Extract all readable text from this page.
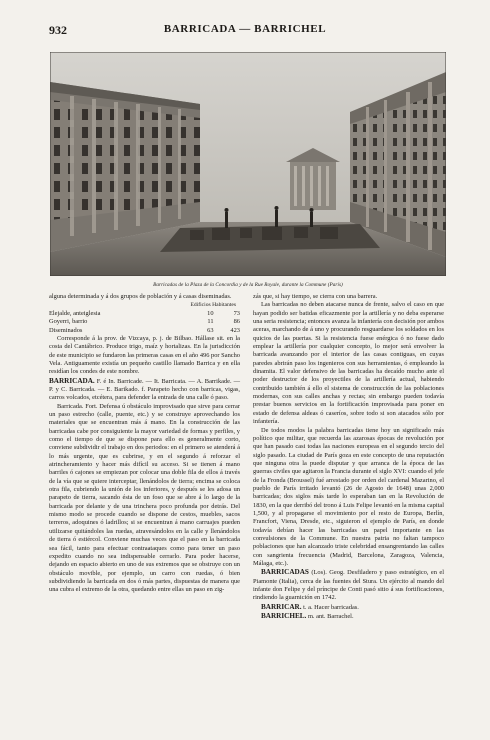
932	BARRICADA — BARRICHEL
Barricadas de la Plaza de la Concordia y de la Rue Royale, durante la Commune (París)

alguna determinada y á dos grupos de población y á casas diseminadas.

Edificios Habitantes
Elejalde, anteiglesia	10	73
Goyerri, barrio	11	86
Diseminados	63	423

Corresponde á la prov. de Vizcaya, p. j. de Bilbao. Hállase sit. en la costa del Cantábrico. Produce trigo, maíz y hortalizas. En la jurisdicción de este municipio se fundaron las primeras casas en el año 496 por Sancho Vela. Antiguamente existía un pequeño castillo llamado Barrica y en ella residían los condes de este nombre.

BARRICADA. F. é In. Barricade. — It. Barricata. — A. Barrikade. — P. y C. Barricada. — E. Barikado. f. Parapeto hecho con barricas, vigas, carros volcados, etcétera, para defender la entrada de una calle ó paso.

Barricada. Fort. Defensa ú obstáculo improvisado que sirve para cerrar un paso estrecho (calle, puente, etc.) y se construye aprovechando los materiales que se encuentran más á mano. En la construcción de las barricadas cabe por consiguiente la mayor variedad de formas y perfiles, y como el tiempo de que se dispone para ello es generalmente corto, conviene subdividir el trabajo en dos periodos: en el primero se atenderá á lo más urgente, que es cubrirse, y en el segundo á reforzar el atrincheramiento y hacer más difícil su acceso. Si se tienen á mano barriles ó cajones se empiezan por colocar una doble fila de ellos á través de la vía que se quiere interceptar, llenándolos de tierra; encima se coloca otra fila, cubriendo la unión de los inferiores, y después se les adosa un parapeto de tierra, sacando ésta de un foso que se abre á lo largo de la barricada por delante y de una trinchera poco profunda por detrás. Del mismo modo se procede cuando se dispone de cestos, muebles, sacos terreros, adoquines ó ladrillos; si se encuentran á mano carruajes pueden utilizarse quitándoles las ruedas, atravesándolos en la calle y llenándolos de tierra ó estiércol. Conviene muchas veces que el paso en la barricada sea fácil, tanto para efectuar contraataques como para tener un paso expedito cuando no sea indispensable cerrarlo. Para poder hacerse, dejando en espacio abierto en uno de sus extremos que se obstruye con un obstáculo movible, por ejemplo, un carro con ruedas, ó bien subdividiendo la barricada en dos ó más partes, dispuestas de manera que una cubra el extremo de la otra, quedando entre ellas un paso en zig-

zás que, si hay tiempo, se cierra con una barrera.

Las barricadas no deben atacarse nunca de frente, salvo el caso en que hayan podido ser batidas eficazmente por la artillería y no deba esperarse una seria resistencia; entonces avanza la infantería con decisión por ambos aceras, marchando de á uno y procurando resguardarse los soldados en los quicios de las puertas. Si la resistencia fuese enérgica ó no fuese dado emplear la artillería por cualquier concepto, lo mejor será envolver la barricada avanzando por el interior de las casas contiguas, en cuyas paredes abrirán paso los ingenieros con sus herramientas, ó empleando la dinamita. El valor defensivo de las barricadas ha decaído mucho ante el poder destructor de los proyectiles de la artillería actual, habiendo contribuido también á ello el sistema de construcción de las poblaciones modernas, con sus calles anchas y rectas; sin embargo pueden todavía prestar buenos servicios en la fortificación improvisada para poner en estado de defensa aldeas ó caseríos, sobre todo si son atacados sólo por infantería.

De todos modos la palabra barricadas tiene hoy un significado más político que militar, que recuerda las azarosas épocas de revolución por que han pasado casi todas las naciones europeas en el segundo tercio del siglo pasado. La ciudad de París goza en este concepto de una reputación que ninguna otra la puede disputar y que arranca de la época de las guerras civiles que agitaron la Francia durante el siglo XVI: cuando el jefe de la Fronda (Broussel) fué arrestado por orden del cardenal Mazarino, el pueblo de París irritado levantó (26 de Agosto de 1648) unas 2,000 barricadas; dos siglos más tarde lo esperaban tan en la Revolución de 1830, en la que derribó del trono á Luis Felipe levantó en la misma capital 1,500, y al propagarse el movimiento por el resto de Europa, Berlín, Francfort, Viena, Dresde, etc., siguieron el ejemplo de París, en donde todavía debían hacer las barricadas un papel importante en las convulsiones de la Commune. En nuestra patria no faltan tampoco poblaciones que han alcanzado triste celebridad ensangrentando las calles con sangrienta frecuencia (Madrid, Barcelona, Zaragoza, Valencia, Málaga, etc.).

BARRICADAS (Los). Geog. Desfiladero y paso estratégico, en el Piamonte (Italia), cerca de las fuentes del Stura. Un ejército al mando del infante don Felipe y del príncipe de Conti pasó sitio á sus fortificaciones, rindiendo la guarnición en 1742.

BARRICAR. t. a. Hacer barricadas.

BARRICHEL. m. ant. Barrachel.
